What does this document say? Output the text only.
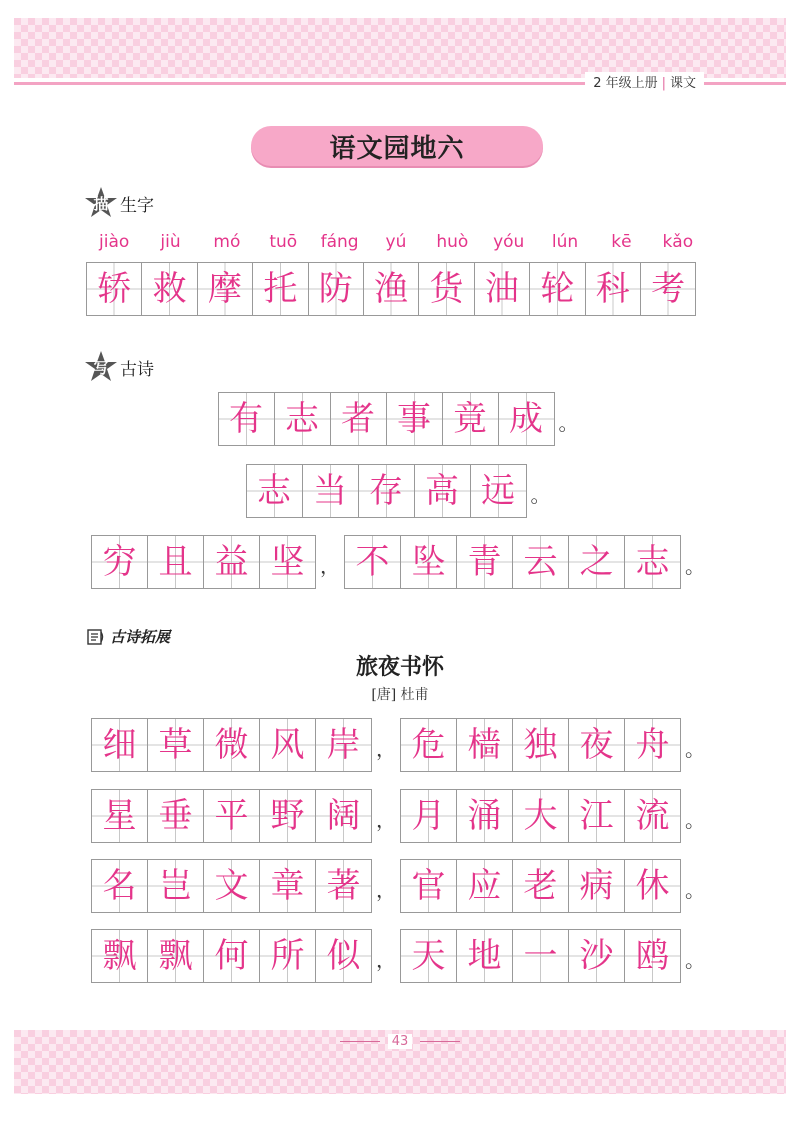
2 年级上册 | 课文
语文园地六
描 生字
jiào	jiù	mó	tuō	fáng	yú	huò	yóu	lún	kē	kǎo
轿 救 摩 托 防 渔 货 油 轮 科 考
写 古诗
有 志 者 事 竟 成 。
志 当 存 高 远 。
穷 且 益 坚 ， 不 坠 青 云 之 志 。
古诗拓展
旅夜书怀
[唐] 杜甫
细 草 微 风 岸 ， 危 樯 独 夜 舟 。
星 垂 平 野 阔 ， 月 涌 大 江 流 。
名 岂 文 章 著 ， 官 应 老 病 休 。
飘 飘 何 所 似 ， 天 地 一 沙 鸥 。
43
